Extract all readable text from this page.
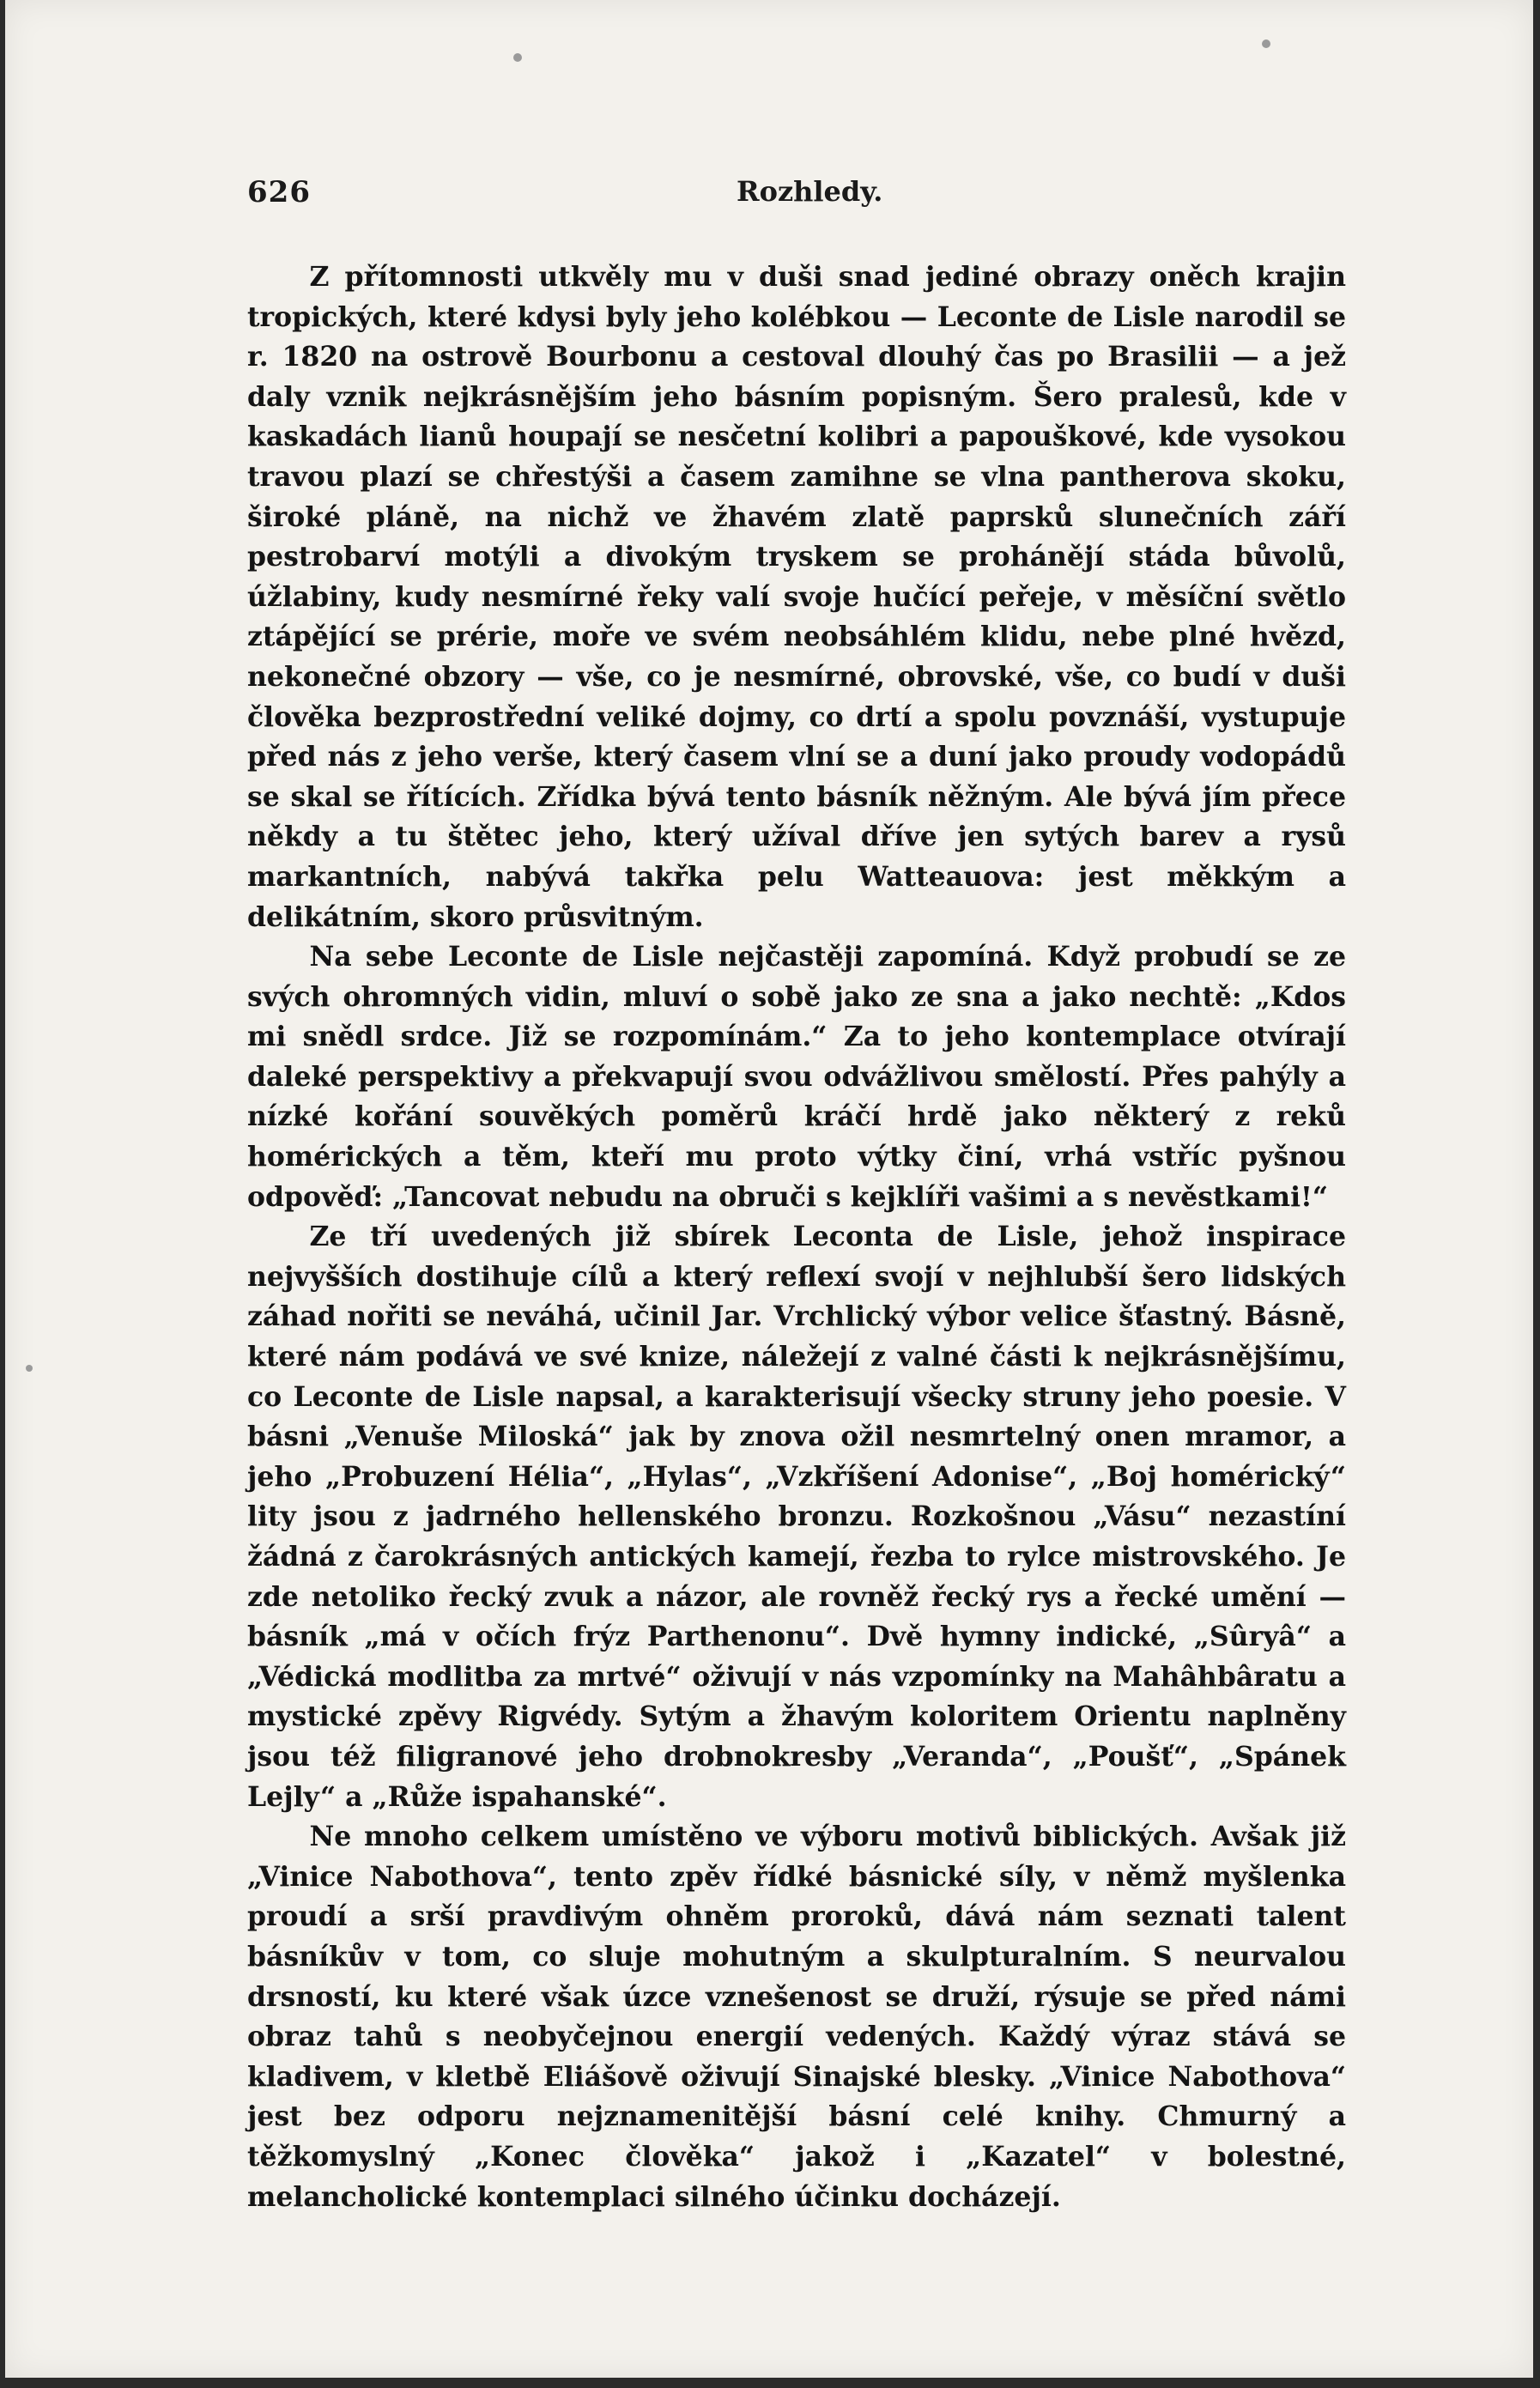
626	Rozhledy.

Z přítomnosti utkvěly mu v duši snad jediné obrazy oněch krajin tropických, které kdysi byly jeho kolébkou — Leconte de Lisle narodil se r. 1820 na ostrově Bourbonu a cestoval dlouhý čas po Brasilii — a jež daly vznik nejkrásnějším jeho básním popisným. Šero pralesů, kde v kaskadách lianů houpají se nesčetní kolibri a papouškové, kde vysokou travou plazí se chřestýši a časem zamihne se vlna pantherova skoku, široké pláně, na nichž ve žhavém zlatě paprsků slunečních září pestrobarví motýli a divokým tryskem se prohánějí stáda bůvolů, úžlabiny, kudy nesmírné řeky valí svoje hučící peřeje, v měsíční světlo ztápějící se prérie, moře ve svém neobsáhlém klidu, nebe plné hvězd, nekonečné obzory — vše, co je nesmírné, obrovské, vše, co budí v duši člověka bezprostřední veliké dojmy, co drtí a spolu povznáší, vystupuje před nás z jeho verše, který časem vlní se a duní jako proudy vodopádů se skal se řítících. Zřídka bývá tento básník něžným. Ale bývá jím přece někdy a tu štětec jeho, který užíval dříve jen sytých barev a rysů markantních, nabývá takřka pelu Watteauova: jest měkkým a delikátním, skoro průsvitným.

Na sebe Leconte de Lisle nejčastěji zapomíná. Když probudí se ze svých ohromných vidin, mluví o sobě jako ze sna a jako nechtě: „Kdos mi snědl srdce. Již se rozpomínám.“ Za to jeho kontemplace otvírají daleké perspektivy a překvapují svou odvážlivou smělostí. Přes pahýly a nízké kořání souvěkých poměrů kráčí hrdě jako některý z reků homérických a těm, kteří mu proto výtky činí, vrhá vstříc pyšnou odpověď: „Tancovat nebudu na obruči s kejklíři vašimi a s nevěstkami!“

Ze tří uvedených již sbírek Leconta de Lisle, jehož inspirace nejvyšších dostihuje cílů a který reflexí svojí v nejhlubší šero lidských záhad nořiti se neváhá, učinil Jar. Vrchlický výbor velice šťastný. Básně, které nám podává ve své knize, náležejí z valné části k nejkrásnějšímu, co Leconte de Lisle napsal, a karakterisují všecky struny jeho poesie. V básni „Venuše Miloská“ jak by znova ožil nesmrtelný onen mramor, a jeho „Probuzení Hélia“, „Hylas“, „Vzkříšení Adonise“, „Boj homérický“ lity jsou z jadrného hellenského bronzu. Rozkošnou „Vásu“ nezastíní žádná z čarokrásných antických kamejí, řezba to rylce mistrovského. Je zde netoliko řecký zvuk a názor, ale rovněž řecký rys a řecké umění — básník „má v očích frýz Parthenonu“. Dvě hymny indické, „Sûryâ“ a „Védická modlitba za mrtvé“ oživují v nás vzpomínky na Mahâhbâratu a mystické zpěvy Rigvédy. Sytým a žhavým koloritem Orientu naplněny jsou též filigranové jeho drobnokresby „Veranda“, „Poušť“, „Spánek Lejly“ a „Růže ispahanské“.

Ne mnoho celkem umístěno ve výboru motivů biblických. Avšak již „Vinice Nabothova“, tento zpěv řídké básnické síly, v němž myšlenka proudí a srší pravdivým ohněm proroků, dává nám seznati talent básníkův v tom, co sluje mohutným a skulpturalním. S neurvalou drsností, ku které však úzce vznešenost se druží, rýsuje se před námi obraz tahů s neobyčejnou energií vedených. Každý výraz stává se kladivem, v kletbě Eliášově oživují Sinajské blesky. „Vinice Nabothova“ jest bez odporu nejznamenitější básní celé knihy. Chmurný a těžkomyslný „Konec člověka“ jakož i „Kazatel“ v bolestné, melancholické kontemplaci silného účinku docházejí.
